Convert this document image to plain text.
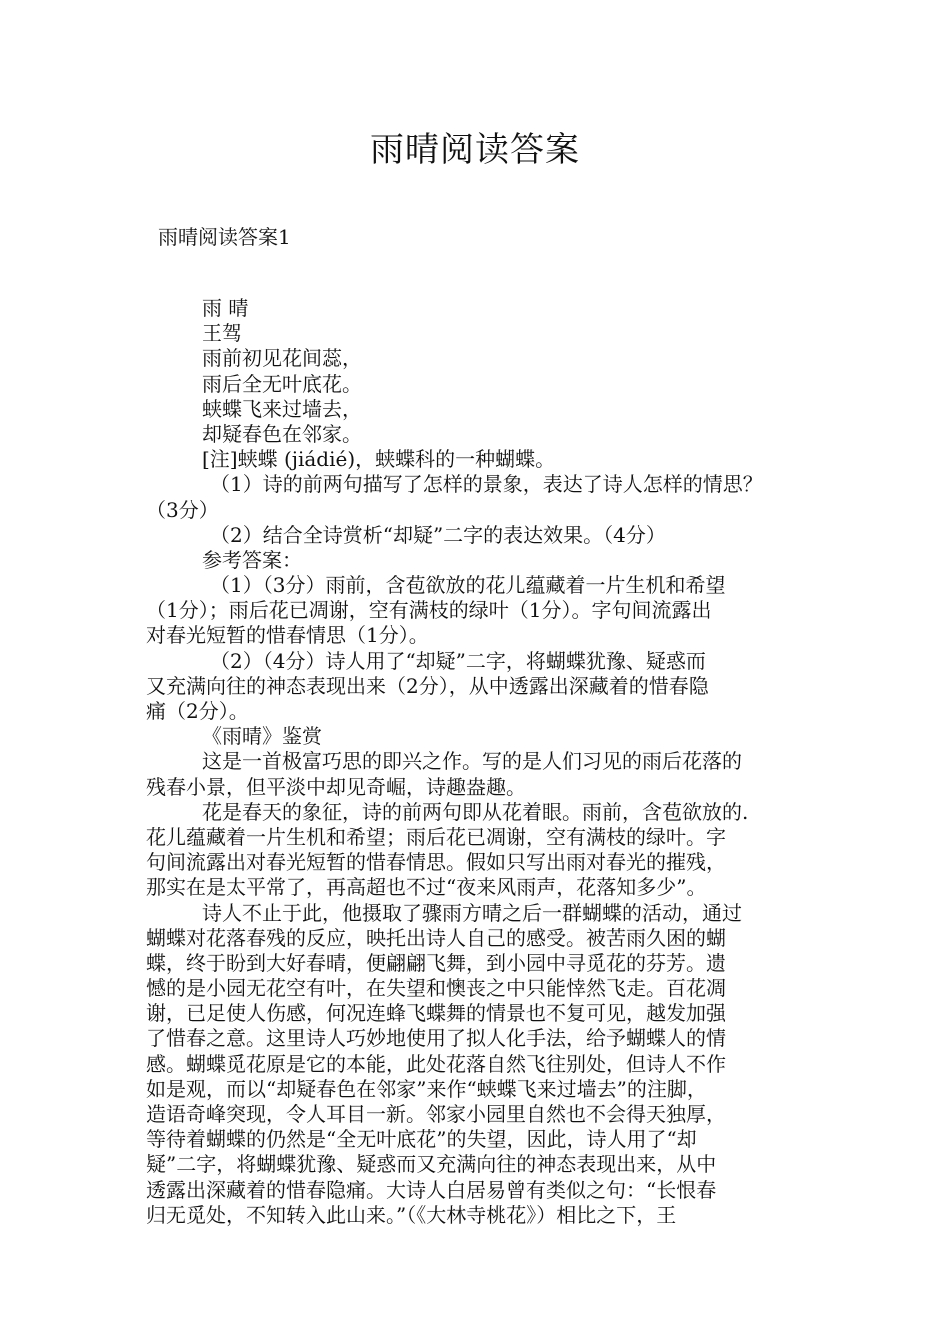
雨晴阅读答案
雨晴阅读答案1
雨 晴
王驾
雨前初见花间蕊，
雨后全无叶底花。
蛱蝶飞来过墙去，
却疑春色在邻家。
[注]蛱蝶 (jiádié)，蛱蝶科的一种蝴蝶。
（1）诗的前两句描写了怎样的景象，表达了诗人怎样的情思？
（3分）
（2）结合全诗赏析“却疑”二字的表达效果。（4分）
参考答案：
（1）（3分）雨前，含苞欲放的花儿蕴藏着一片生机和希望
（1分）；雨后花已凋谢，空有满枝的绿叶（1分）。字句间流露出
对春光短暂的惜春情思（1分）。
（2）（4分）诗人用了“却疑”二字，将蝴蝶犹豫、疑惑而
又充满向往的神态表现出来（2分），从中透露出深藏着的惜春隐
痛（2分）。
《雨晴》鉴赏
这是一首极富巧思的即兴之作。写的是人们习见的雨后花落的
残春小景，但平淡中却见奇崛，诗趣盎趣。
花是春天的象征，诗的前两句即从花着眼。雨前，含苞欲放的.
花儿蕴藏着一片生机和希望；雨后花已凋谢，空有满枝的绿叶。字
句间流露出对春光短暂的惜春情思。假如只写出雨对春光的摧残，
那实在是太平常了，再高超也不过“夜来风雨声，花落知多少”。
诗人不止于此，他摄取了骤雨方晴之后一群蝴蝶的活动，通过
蝴蝶对花落春残的反应，映托出诗人自己的感受。被苦雨久困的蝴
蝶，终于盼到大好春晴，便翩翩飞舞，到小园中寻觅花的芬芳。遗
憾的是小园无花空有叶，在失望和懊丧之中只能悻然飞走。百花凋
谢，已足使人伤感，何况连蜂飞蝶舞的情景也不复可见，越发加强
了惜春之意。这里诗人巧妙地使用了拟人化手法，给予蝴蝶人的情
感。蝴蝶觅花原是它的本能，此处花落自然飞往别处，但诗人不作
如是观，而以“却疑春色在邻家”来作“蛱蝶飞来过墙去”的注脚，
造语奇峰突现，令人耳目一新。邻家小园里自然也不会得天独厚，
等待着蝴蝶的仍然是“全无叶底花”的失望，因此，诗人用了“却
疑”二字，将蝴蝶犹豫、疑惑而又充满向往的神态表现出来，从中
透露出深藏着的惜春隐痛。大诗人白居易曾有类似之句：“长恨春
归无觅处，不知转入此山来。”（《大林寺桃花》）相比之下，王
